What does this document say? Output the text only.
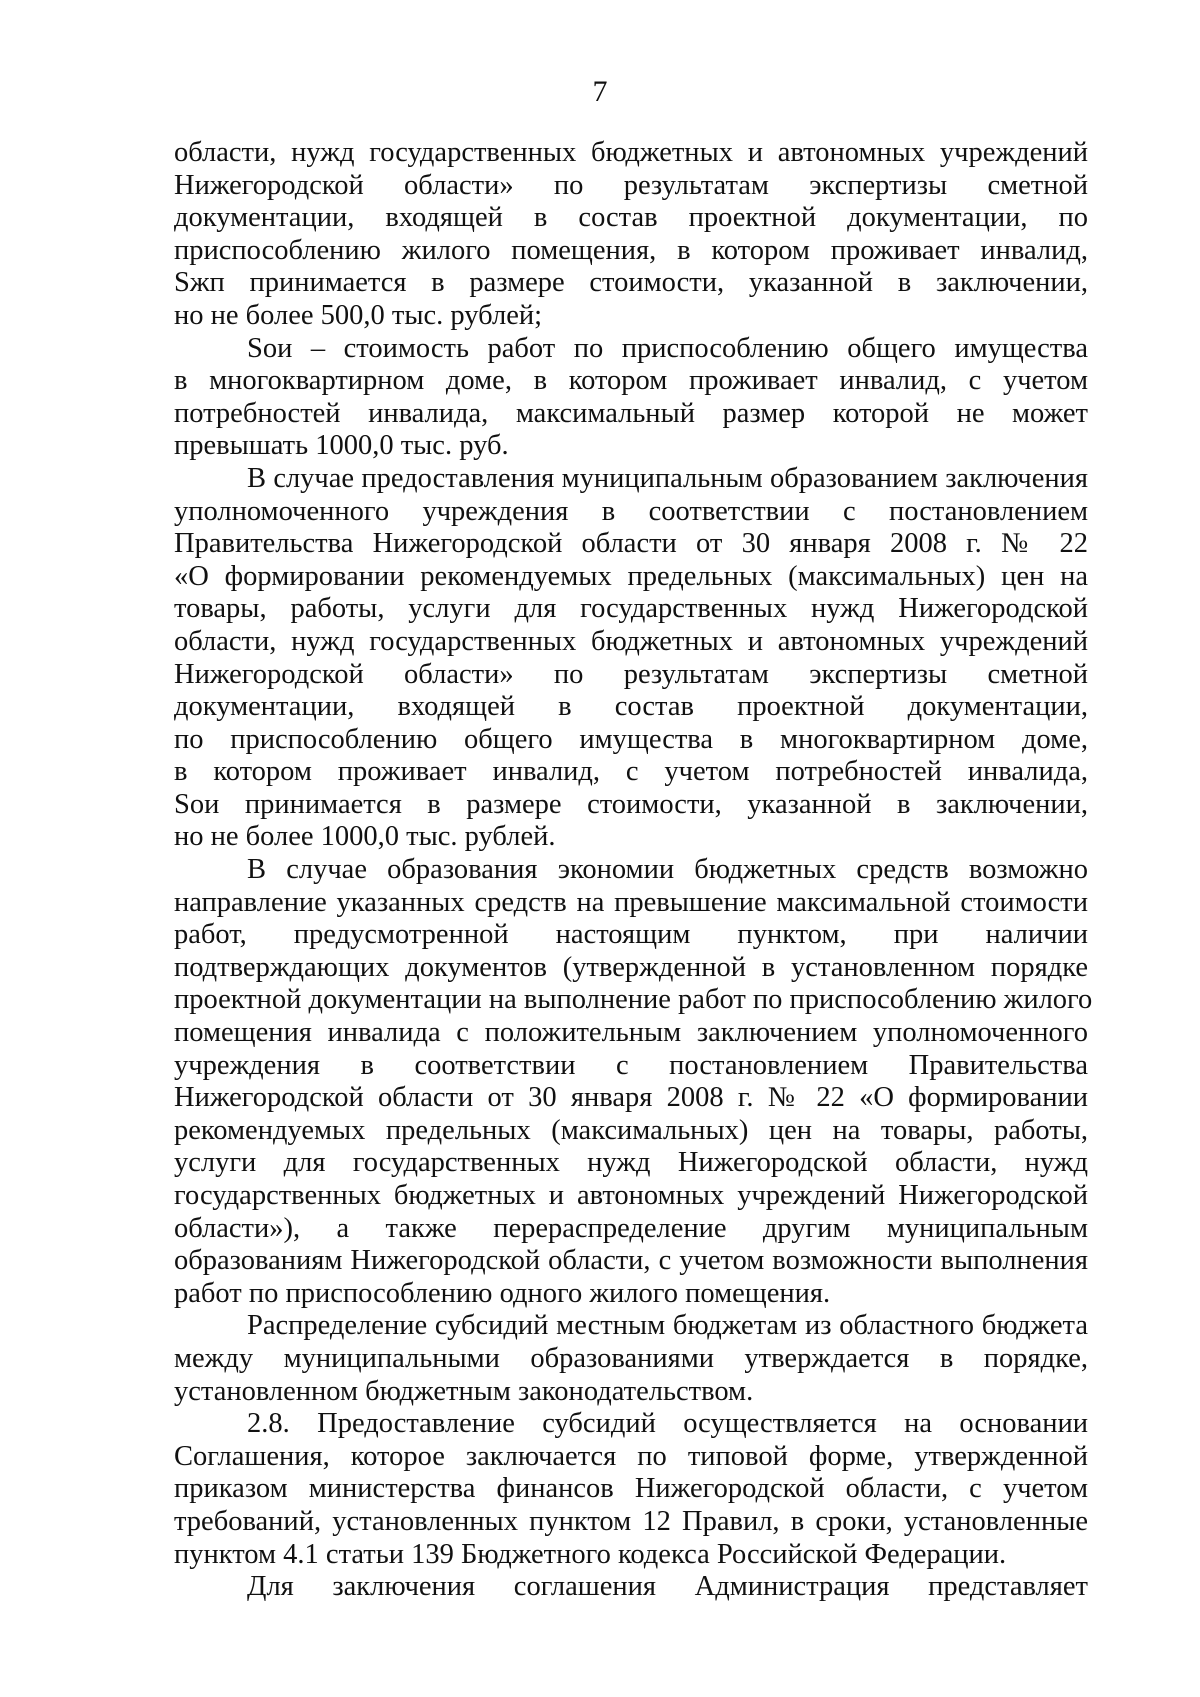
7

области, нужд государственных бюджетных и автономных учреждений
Нижегородской области» по результатам экспертизы сметной
документации, входящей в состав проектной документации, по
приспособлению жилого помещения, в котором проживает инвалид,
Sжп принимается в размере стоимости, указанной в заключении,
но не более 500,0 тыс. рублей;

Sои – стоимость работ по приспособлению общего имущества
в многоквартирном доме, в котором проживает инвалид, с учетом
потребностей инвалида, максимальный размер которой не может
превышать 1000,0 тыс. руб.

В случае предоставления муниципальным образованием заключения
уполномоченного учреждения в соответствии с постановлением
Правительства Нижегородской области от 30 января 2008 г. № 22
«О формировании рекомендуемых предельных (максимальных) цен на
товары, работы, услуги для государственных нужд Нижегородской
области, нужд государственных бюджетных и автономных учреждений
Нижегородской области» по результатам экспертизы сметной
документации, входящей в состав проектной документации,
по приспособлению общего имущества в многоквартирном доме,
в котором проживает инвалид, с учетом потребностей инвалида,
Sои принимается в размере стоимости, указанной в заключении,
но не более 1000,0 тыс. рублей.

В случае образования экономии бюджетных средств возможно
направление указанных средств на превышение максимальной стоимости
работ, предусмотренной настоящим пунктом, при наличии
подтверждающих документов (утвержденной в установленном порядке
проектной документации на выполнение работ по приспособлению жилого
помещения инвалида с положительным заключением уполномоченного
учреждения в соответствии с постановлением Правительства
Нижегородской области от 30 января 2008 г. № 22 «О формировании
рекомендуемых предельных (максимальных) цен на товары, работы,
услуги для государственных нужд Нижегородской области, нужд
государственных бюджетных и автономных учреждений Нижегородской
области»), а также перераспределение другим муниципальным
образованиям Нижегородской области, с учетом возможности выполнения
работ по приспособлению одного жилого помещения.

Распределение субсидий местным бюджетам из областного бюджета
между муниципальными образованиями утверждается в порядке,
установленном бюджетным законодательством.

2.8. Предоставление субсидий осуществляется на основании
Соглашения, которое заключается по типовой форме, утвержденной
приказом министерства финансов Нижегородской области, с учетом
требований, установленных пунктом 12 Правил, в сроки, установленные
пунктом 4.1 статьи 139 Бюджетного кодекса Российской Федерации.

Для заключения соглашения Администрация представляет
